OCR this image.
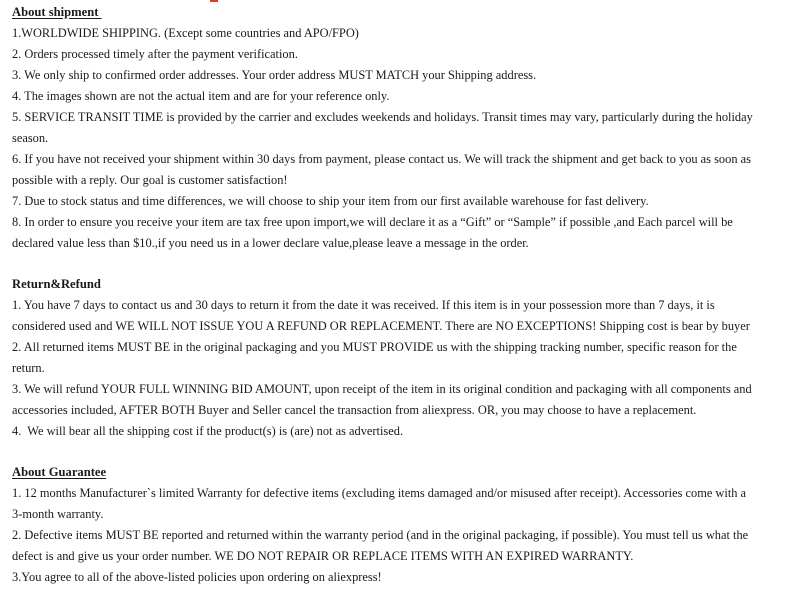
About shipment
1.WORLDWIDE SHIPPING. (Except some countries and APO/FPO)
2. Orders processed timely after the payment verification.
3. We only ship to confirmed order addresses. Your order address MUST MATCH your Shipping address.
4. The images shown are not the actual item and are for your reference only.
5. SERVICE TRANSIT TIME is provided by the carrier and excludes weekends and holidays. Transit times may vary, particularly during the holiday
season.
6. If you have not received your shipment within 30 days from payment, please contact us. We will track the shipment and get back to you as soon as
possible with a reply. Our goal is customer satisfaction!
7. Due to stock status and time differences, we will choose to ship your item from our first available warehouse for fast delivery.
8. In order to ensure you receive your item are tax free upon import,we will declare it as a “Gift” or “Sample” if possible ,and Each parcel will be
declared value less than $10.,if you need us in a lower declare value,please leave a message in the order.
Return&Refund
1. You have 7 days to contact us and 30 days to return it from the date it was received. If this item is in your possession more than 7 days, it is
considered used and WE WILL NOT ISSUE YOU A REFUND OR REPLACEMENT. There are NO EXCEPTIONS! Shipping cost is bear by buyer
2. All returned items MUST BE in the original packaging and you MUST PROVIDE us with the shipping tracking number, specific reason for the
return.
3. We will refund YOUR FULL WINNING BID AMOUNT, upon receipt of the item in its original condition and packaging with all components and
accessories included, AFTER BOTH Buyer and Seller cancel the transaction from aliexpress. OR, you may choose to have a replacement.
4.  We will bear all the shipping cost if the product(s) is (are) not as advertised.
About Guarantee
1. 12 months Manufacturer`s limited Warranty for defective items (excluding items damaged and/or misused after receipt). Accessories come with a
3-month warranty.
2. Defective items MUST BE reported and returned within the warranty period (and in the original packaging, if possible). You must tell us what the
defect is and give us your order number. WE DO NOT REPAIR OR REPLACE ITEMS WITH AN EXPIRED WARRANTY.
3.You agree to all of the above-listed policies upon ordering on aliexpress!
